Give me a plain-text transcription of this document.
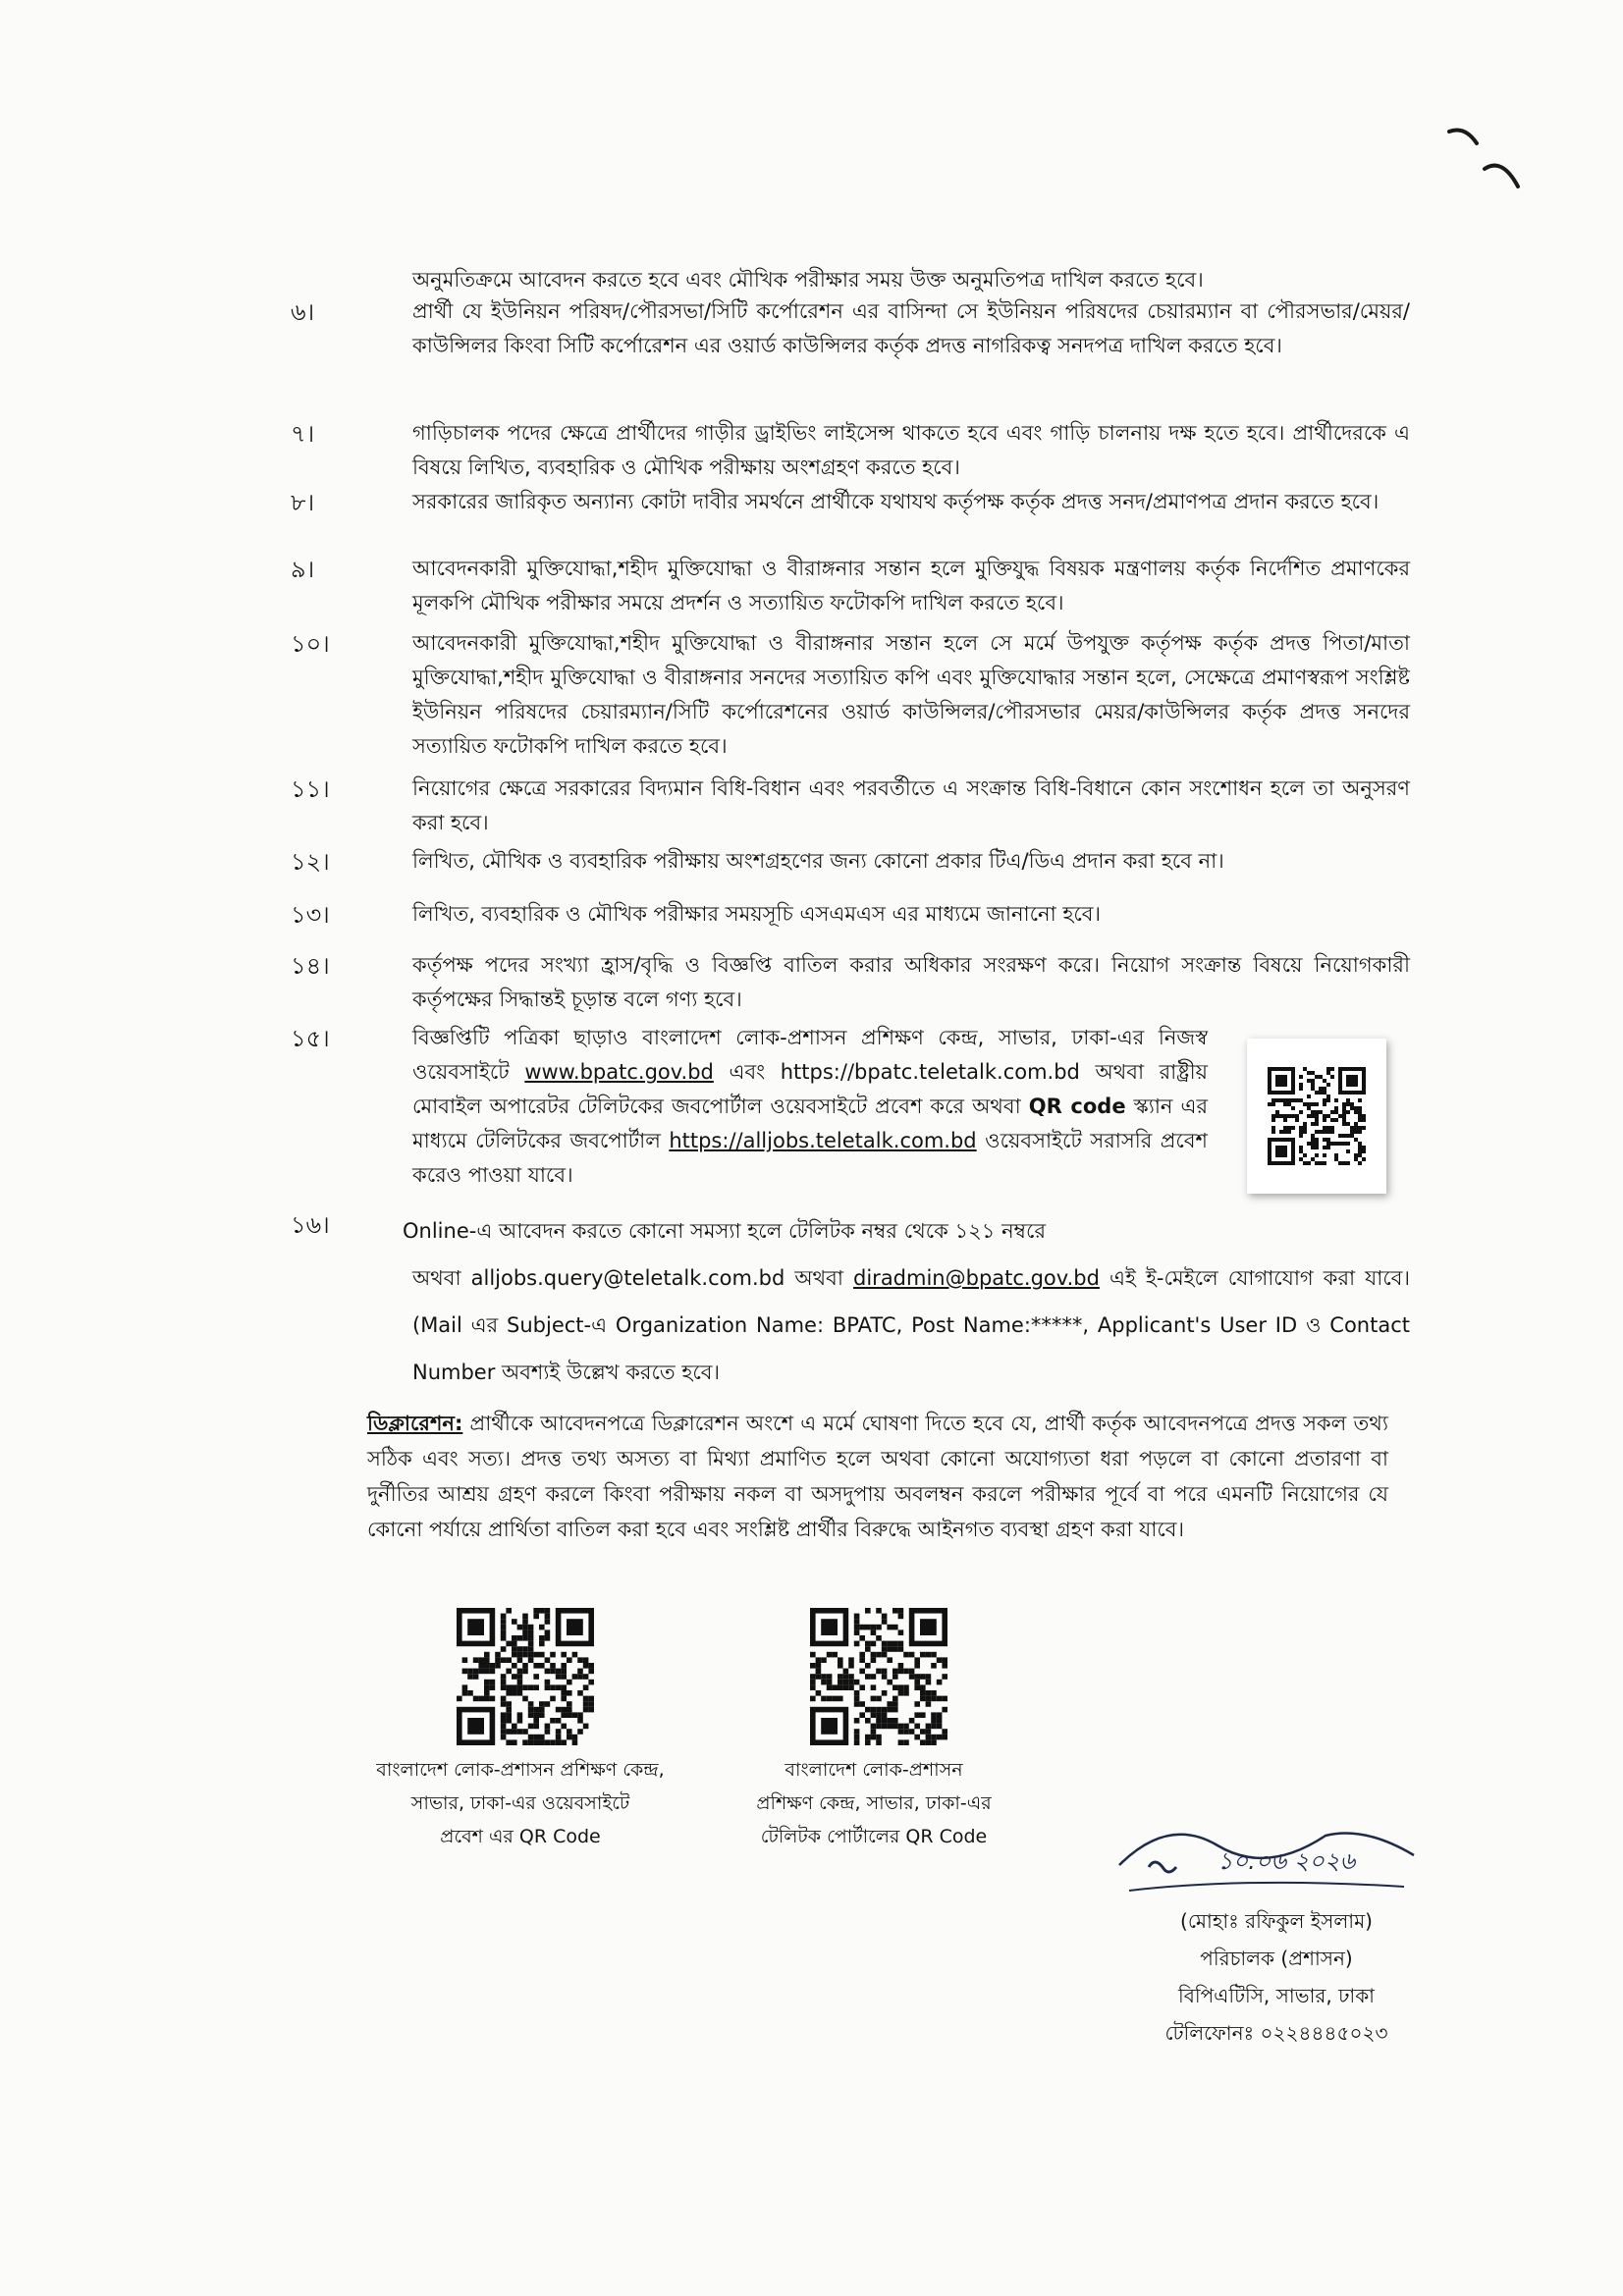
অনুমতিক্রমে আবেদন করতে হবে এবং মৌখিক পরীক্ষার সময় উক্ত অনুমতিপত্র দাখিল করতে হবে।
৬।	প্রার্থী যে ইউনিয়ন পরিষদ/পৌরসভা/সিটি কর্পোরেশন এর বাসিন্দা সে ইউনিয়ন পরিষদের চেয়ারম্যান বা পৌরসভার/মেয়র/কাউন্সিলর কিংবা সিটি কর্পোরেশন এর ওয়ার্ড কাউন্সিলর কর্তৃক প্রদত্ত নাগরিকত্ব সনদপত্র দাখিল করতে হবে।
৭।	গাড়িচালক পদের ক্ষেত্রে প্রার্থীদের গাড়ীর ড্রাইভিং লাইসেন্স থাকতে হবে এবং গাড়ি চালনায় দক্ষ হতে হবে। প্রার্থীদেরকে এ বিষয়ে লিখিত, ব্যবহারিক ও মৌখিক পরীক্ষায় অংশগ্রহণ করতে হবে।
৮।	সরকারের জারিকৃত অন্যান্য কোটা দাবীর সমর্থনে প্রার্থীকে যথাযথ কর্তৃপক্ষ কর্তৃক প্রদত্ত সনদ/প্রমাণপত্র প্রদান করতে হবে।
৯।	আবেদনকারী মুক্তিযোদ্ধা,শহীদ মুক্তিযোদ্ধা ও বীরাঙ্গনার সন্তান হলে মুক্তিযুদ্ধ বিষয়ক মন্ত্রণালয় কর্তৃক নির্দেশিত প্রমাণকের মূলকপি মৌখিক পরীক্ষার সময়ে প্রদর্শন ও সত্যায়িত ফটোকপি দাখিল করতে হবে।
১০।	আবেদনকারী মুক্তিযোদ্ধা,শহীদ মুক্তিযোদ্ধা ও বীরাঙ্গনার সন্তান হলে সে মর্মে উপযুক্ত কর্তৃপক্ষ কর্তৃক প্রদত্ত পিতা/মাতা মুক্তিযোদ্ধা,শহীদ মুক্তিযোদ্ধা ও বীরাঙ্গনার সনদের সত্যায়িত কপি এবং মুক্তিযোদ্ধার সন্তান হলে, সেক্ষেত্রে প্রমাণস্বরূপ সংশ্লিষ্ট ইউনিয়ন পরিষদের চেয়ারম্যান/সিটি কর্পোরেশনের ওয়ার্ড কাউন্সিলর/পৌরসভার মেয়র/কাউন্সিলর কর্তৃক প্রদত্ত সনদের সত্যায়িত ফটোকপি দাখিল করতে হবে।
১১।	নিয়োগের ক্ষেত্রে সরকারের বিদ্যমান বিধি-বিধান এবং পরবর্তীতে এ সংক্রান্ত বিধি-বিধানে কোন সংশোধন হলে তা অনুসরণ করা হবে।
১২।	লিখিত, মৌখিক ও ব্যবহারিক পরীক্ষায় অংশগ্রহণের জন্য কোনো প্রকার টিএ/ডিএ প্রদান করা হবে না।
১৩।	লিখিত, ব্যবহারিক ও মৌখিক পরীক্ষার সময়সূচি এসএমএস এর মাধ্যমে জানানো হবে।
১৪।	কর্তৃপক্ষ পদের সংখ্যা হ্রাস/বৃদ্ধি ও বিজ্ঞপ্তি বাতিল করার অধিকার সংরক্ষণ করে। নিয়োগ সংক্রান্ত বিষয়ে নিয়োগকারী কর্তৃপক্ষের সিদ্ধান্তই চূড়ান্ত বলে গণ্য হবে।
১৫।	বিজ্ঞপ্তিটি পত্রিকা ছাড়াও বাংলাদেশ লোক-প্রশাসন প্রশিক্ষণ কেন্দ্র, সাভার, ঢাকা-এর নিজস্ব ওয়েবসাইটে www.bpatc.gov.bd এবং https://bpatc.teletalk.com.bd অথবা রাষ্ট্রীয় মোবাইল অপারেটর টেলিটকের জবপোর্টাল ওয়েবসাইটে প্রবেশ করে অথবা QR code স্ক্যান এর মাধ্যমে টেলিটকের জবপোর্টাল https://alljobs.teletalk.com.bd ওয়েবসাইটে সরাসরি প্রবেশ করেও পাওয়া যাবে।
১৬।	Online-এ আবেদন করতে কোনো সমস্যা হলে টেলিটক নম্বর থেকে ১২১ নম্বরে

অথবা alljobs.query@teletalk.com.bd অথবা diradmin@bpatc.gov.bd এই ই-মেইলে যোগাযোগ করা যাবে। (Mail এর Subject-এ Organization Name: BPATC, Post Name:*****, Applicant's User ID ও Contact Number অবশ্যই উল্লেখ করতে হবে।

ডিক্লারেশন: প্রার্থীকে আবেদনপত্রে ডিক্লারেশন অংশে এ মর্মে ঘোষণা দিতে হবে যে, প্রার্থী কর্তৃক আবেদনপত্রে প্রদত্ত সকল তথ্য সঠিক এবং সত্য। প্রদত্ত তথ্য অসত্য বা মিথ্যা প্রমাণিত হলে অথবা কোনো অযোগ্যতা ধরা পড়লে বা কোনো প্রতারণা বা দুর্নীতির আশ্রয় গ্রহণ করলে কিংবা পরীক্ষায় নকল বা অসদুপায় অবলম্বন করলে পরীক্ষার পূর্বে বা পরে এমনটি নিয়োগের যে কোনো পর্যায়ে প্রার্থিতা বাতিল করা হবে এবং সংশ্লিষ্ট প্রার্থীর বিরুদ্ধে আইনগত ব্যবস্থা গ্রহণ করা যাবে।
বাংলাদেশ লোক-প্রশাসন প্রশিক্ষণ কেন্দ্র,
সাভার, ঢাকা-এর ওয়েবসাইটে
প্রবেশ এর QR Code
বাংলাদেশ লোক-প্রশাসন
প্রশিক্ষণ কেন্দ্র, সাভার, ঢাকা-এর
টেলিটক পোর্টালের QR Code
১০.০৬ ২০২৬
(মোহাঃ রফিকুল ইসলাম)
পরিচালক (প্রশাসন)
বিপিএটিসি, সাভার, ঢাকা
টেলিফোনঃ ০২২৪৪৪৫০২৩
